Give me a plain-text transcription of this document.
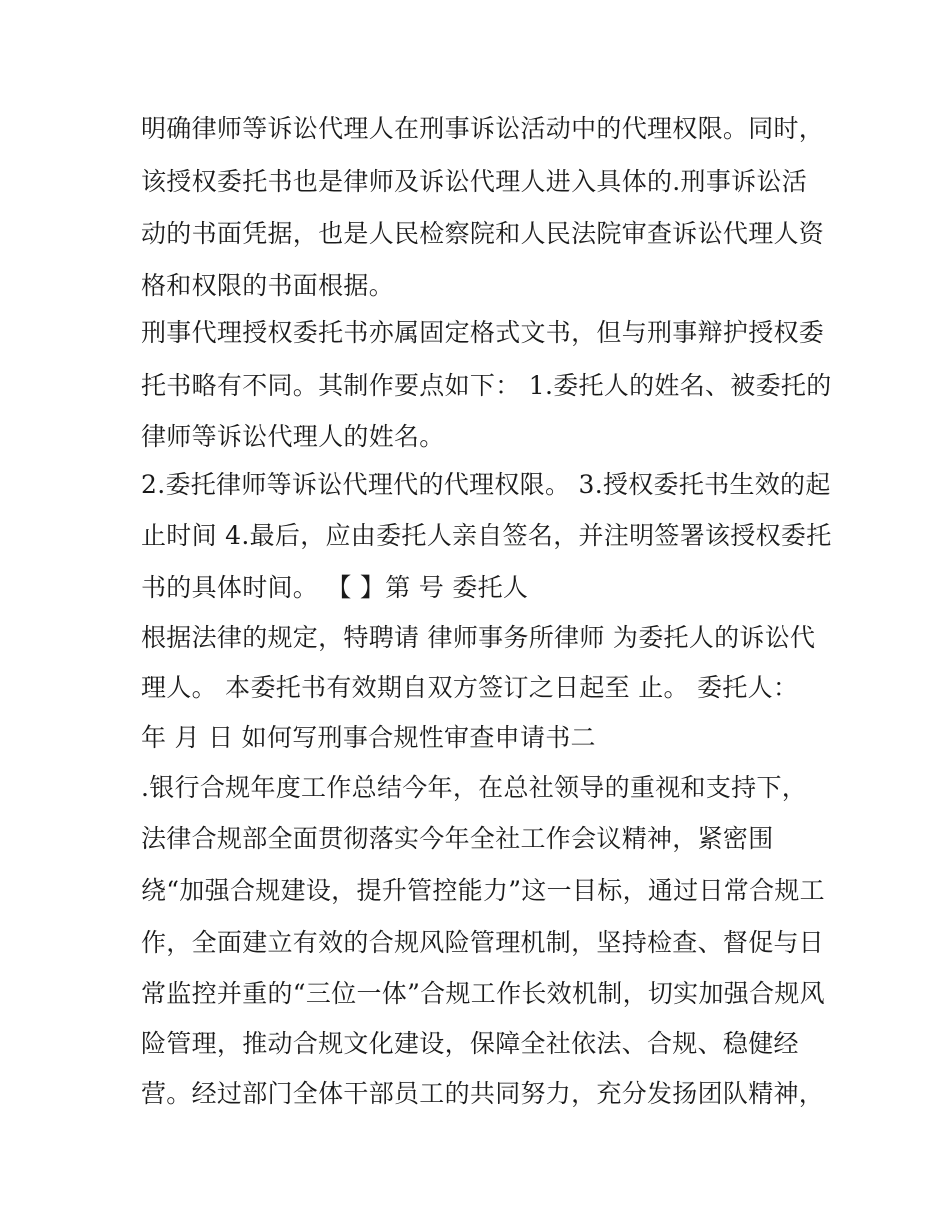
明确律师等诉讼代理人在刑事诉讼活动中的代理权限。同时，
该授权委托书也是律师及诉讼代理人进入具体的.刑事诉讼活
动的书面凭据，也是人民检察院和人民法院审查诉讼代理人资
格和权限的书面根据。
刑事代理授权委托书亦属固定格式文书，但与刑事辩护授权委
托书略有不同。其制作要点如下： 1.委托人的姓名、被委托的
律师等诉讼代理人的姓名。
2.委托律师等诉讼代理代的代理权限。 3.授权委托书生效的起
止时间 4.最后，应由委托人亲自签名，并注明签署该授权委托
书的具体时间。 【 】第 号 委托人
根据法律的规定，特聘请 律师事务所律师 为委托人的诉讼代
理人。 本委托书有效期自双方签订之日起至 止。 委托人：
年 月 日 如何写刑事合规性审查申请书二
.银行合规年度工作总结今年，在总社领导的重视和支持下，
法律合规部全面贯彻落实今年全社工作会议精神，紧密围
绕“加强合规建设，提升管控能力”这一目标，通过日常合规工
作，全面建立有效的合规风险管理机制，坚持检查、督促与日
常监控并重的“三位一体”合规工作长效机制，切实加强合规风
险管理，推动合规文化建设，保障全社依法、合规、稳健经
营。经过部门全体干部员工的共同努力，充分发扬团队精神，
